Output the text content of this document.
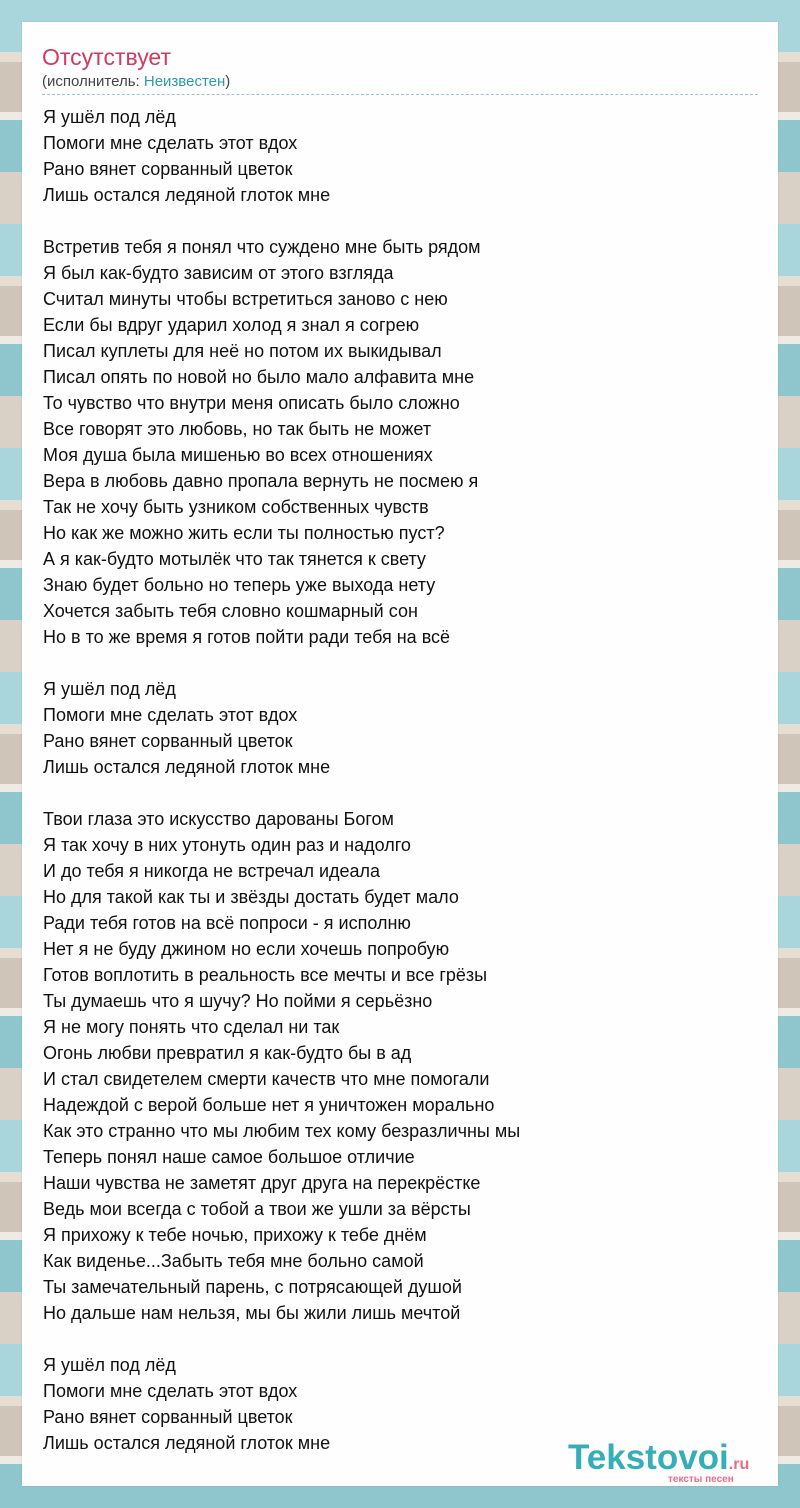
Отсутствует
(исполнитель: Неизвестен)
Я ушёл под лёд
Помоги мне сделать этот вдох
Рано вянет сорванный цветок
Лишь остался ледяной глоток мне
Встретив тебя я понял что суждено мне быть рядом
Я был как-будто зависим от этого взгляда
Считал минуты чтобы встретиться заново с нею
Если бы вдруг ударил холод я знал я согрею
Писал куплеты для неё но потом их выкидывал
Писал опять по новой но было мало алфавита мне
То чувство что внутри меня описать было сложно
Все говорят это любовь, но так быть не может
Моя душа была мишенью во всех отношениях
Вера в любовь давно пропала вернуть не посмею я
Так не хочу быть узником собственных чувств
Но как же можно жить если ты полностью пуст?
А я как-будто мотылёк что так тянется к свету
Знаю будет больно но теперь уже выхода нету
Хочется забыть тебя словно кошмарный сон
Но в то же время я готов пойти ради тебя на всё
Я ушёл под лёд
Помоги мне сделать этот вдох
Рано вянет сорванный цветок
Лишь остался ледяной глоток мне
Твои глаза это искусство дарованы Богом
Я так хочу в них утонуть один раз и надолго
И до тебя я никогда не встречал идеала
Но для такой как ты и звёзды достать будет мало
Ради тебя готов на всё попроси - я исполню
Нет я не буду джином но если хочешь попробую
Готов воплотить в реальность все мечты и все грёзы
Ты думаешь что я шучу? Но пойми я серьёзно
Я не могу понять что сделал ни так
Огонь любви превратил я как-будто бы в ад
И стал свидетелем смерти качеств что мне помогали
Надеждой с верой больше нет я уничтожен морально
Как это странно что мы любим тех кому безразличны мы
Теперь понял наше самое большое отличие
Наши чувства не заметят друг друга на перекрёстке
Ведь мои всегда с тобой а твои же ушли за вёрсты
Я прихожу к тебе ночью, прихожу к тебе днём
Как виденье...Забыть тебя мне больно самой
Ты замечательный парень, с потрясающей душой
Но дальше нам нельзя, мы бы жили лишь мечтой
Я ушёл под лёд
Помоги мне сделать этот вдох
Рано вянет сорванный цветок
Лишь остался ледяной глоток мне	Tekstovoi.ru
тексты песен
